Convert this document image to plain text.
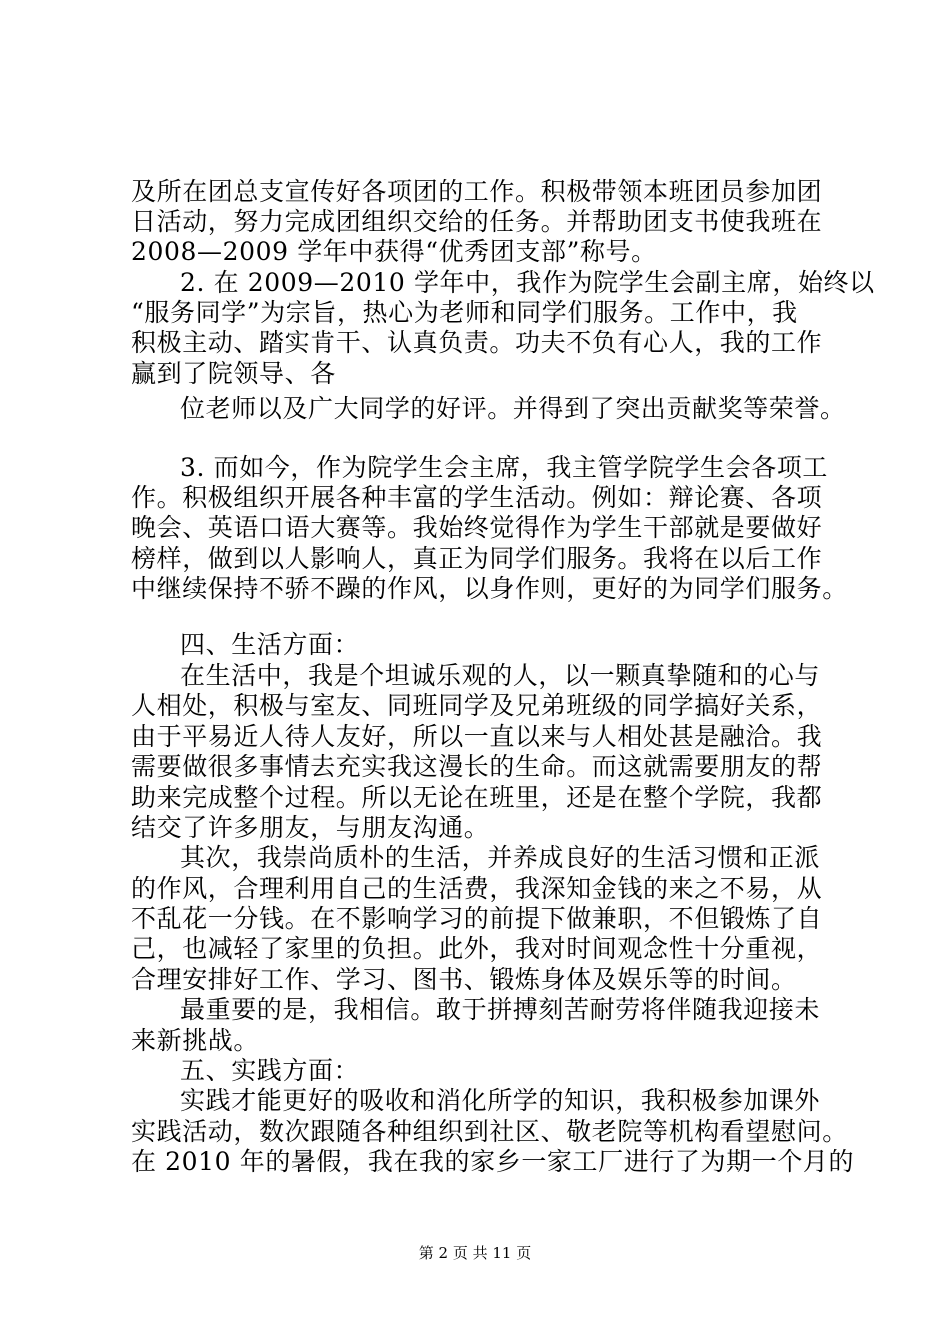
及所在团总支宣传好各项团的工作。积极带领本班团员参加团
日活动，努力完成团组织交给的任务。并帮助团支书使我班在
2008—2009 学年中获得“优秀团支部”称号。
2. 在 2009—2010 学年中，我作为院学生会副主席，始终以
“服务同学”为宗旨，热心为老师和同学们服务。工作中，我
积极主动、踏实肯干、认真负责。功夫不负有心人，我的工作
赢到了院领导、各
位老师以及广大同学的好评。并得到了突出贡献奖等荣誉。
3. 而如今，作为院学生会主席，我主管学院学生会各项工
作。积极组织开展各种丰富的学生活动。例如：辩论赛、各项
晚会、英语口语大赛等。我始终觉得作为学生干部就是要做好
榜样，做到以人影响人，真正为同学们服务。我将在以后工作
中继续保持不骄不躁的作风，以身作则，更好的为同学们服务。
四、生活方面：
在生活中，我是个坦诚乐观的人，以一颗真挚随和的心与
人相处，积极与室友、同班同学及兄弟班级的同学搞好关系，
由于平易近人待人友好，所以一直以来与人相处甚是融洽。我
需要做很多事情去充实我这漫长的生命。而这就需要朋友的帮
助来完成整个过程。所以无论在班里，还是在整个学院，我都
结交了许多朋友，与朋友沟通。
其次，我崇尚质朴的生活，并养成良好的生活习惯和正派
的作风，合理利用自己的生活费，我深知金钱的来之不易，从
不乱花一分钱。在不影响学习的前提下做兼职，不但锻炼了自
己，也减轻了家里的负担。此外，我对时间观念性十分重视，
合理安排好工作、学习、图书、锻炼身体及娱乐等的时间。
最重要的是，我相信。敢于拼搏刻苦耐劳将伴随我迎接未
来新挑战。
五、实践方面：
实践才能更好的吸收和消化所学的知识，我积极参加课外
实践活动，数次跟随各种组织到社区、敬老院等机构看望慰问。
在 2010 年的暑假，我在我的家乡一家工厂进行了为期一个月的
第 2 页 共 11 页
